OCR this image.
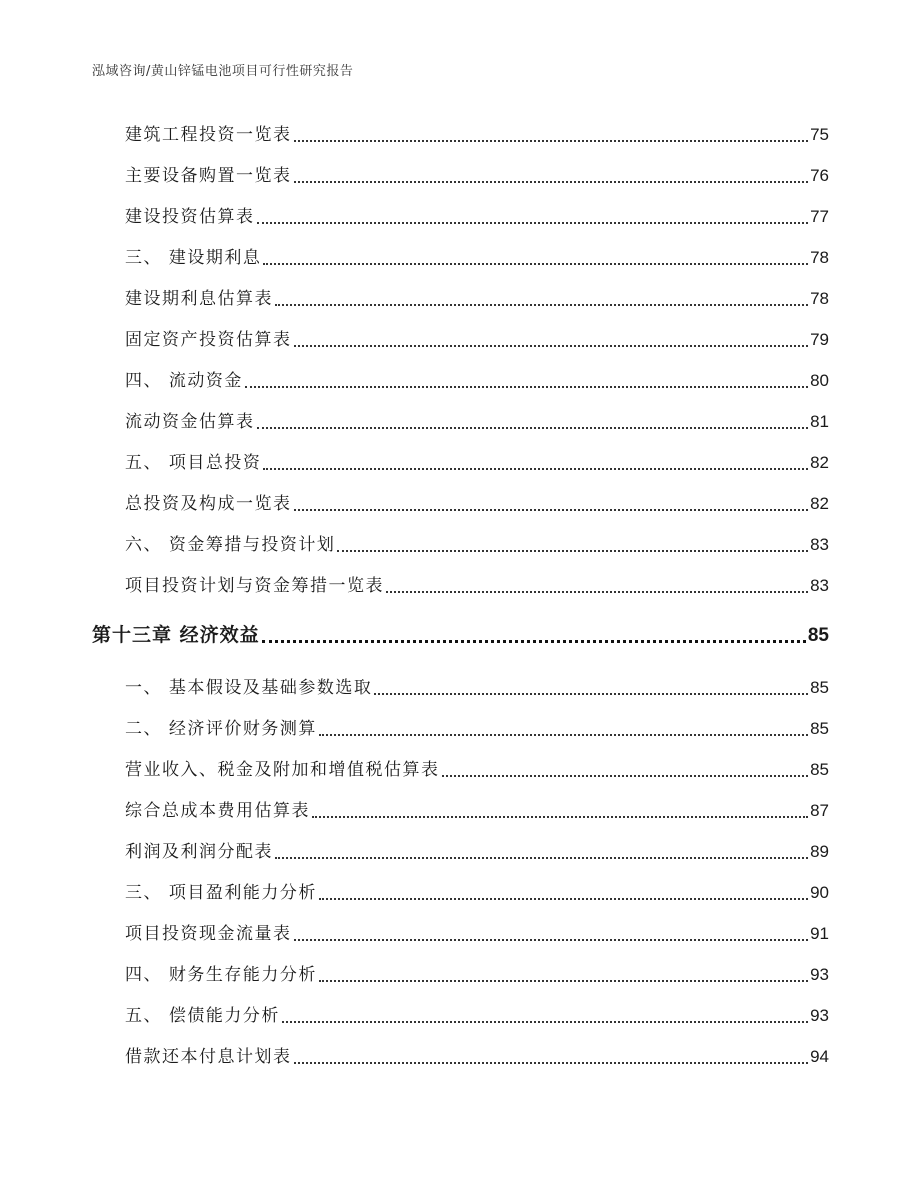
泓域咨询/黄山锌锰电池项目可行性研究报告
建筑工程投资一览表	75
主要设备购置一览表	76
建设投资估算表	77
三、 建设期利息	78
建设期利息估算表	78
固定资产投资估算表	79
四、 流动资金	80
流动资金估算表	81
五、 项目总投资	82
总投资及构成一览表	82
六、 资金筹措与投资计划	83
项目投资计划与资金筹措一览表	83
第十三章 经济效益	85
一、 基本假设及基础参数选取	85
二、 经济评价财务测算	85
营业收入、税金及附加和增值税估算表	85
综合总成本费用估算表	87
利润及利润分配表	89
三、 项目盈利能力分析	90
项目投资现金流量表	91
四、 财务生存能力分析	93
五、 偿债能力分析	93
借款还本付息计划表	94
